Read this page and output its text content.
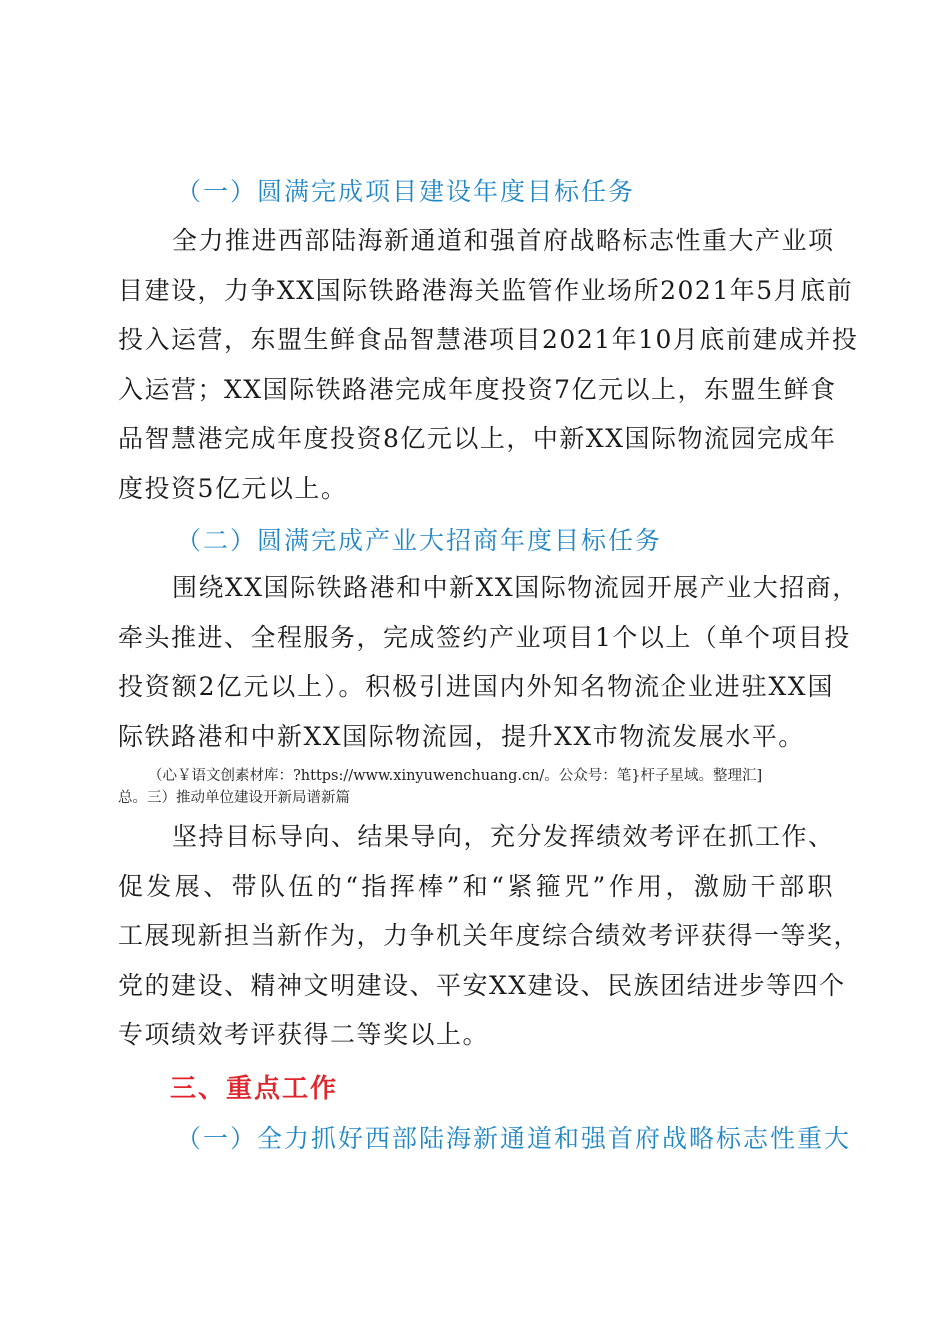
（一）圆满完成项目建设年度目标任务
全力推进西部陆海新通道和强首府战略标志性重大产业项
目建设，力争XX国际铁路港海关监管作业场所2021年5月底前
投入运营，东盟生鲜食品智慧港项目2021年10月底前建成并投
入运营；XX国际铁路港完成年度投资7亿元以上，东盟生鲜食
品智慧港完成年度投资8亿元以上，中新XX国际物流园完成年
度投资5亿元以上。
（二）圆满完成产业大招商年度目标任务
围绕XX国际铁路港和中新XX国际物流园开展产业大招商，
牵头推进、全程服务，完成签约产业项目1个以上（单个项目投
投资额2亿元以上）。积极引进国内外知名物流企业进驻XX国
际铁路港和中新XX国际物流园，提升XX市物流发展水平。
（心￥语文创素材库：?https://www.xinyuwenchuang.cn/。公众号：笔}杆子星域。整理汇]
总。三）推动单位建设开新局谱新篇
坚持目标导向、结果导向，充分发挥绩效考评在抓工作、
促发展、带队伍的“指挥棒”和“紧箍咒”作用，激励干部职
工展现新担当新作为，力争机关年度综合绩效考评获得一等奖，
党的建设、精神文明建设、平安XX建设、民族团结进步等四个
专项绩效考评获得二等奖以上。
三、重点工作
（一）全力抓好西部陆海新通道和强首府战略标志性重大
